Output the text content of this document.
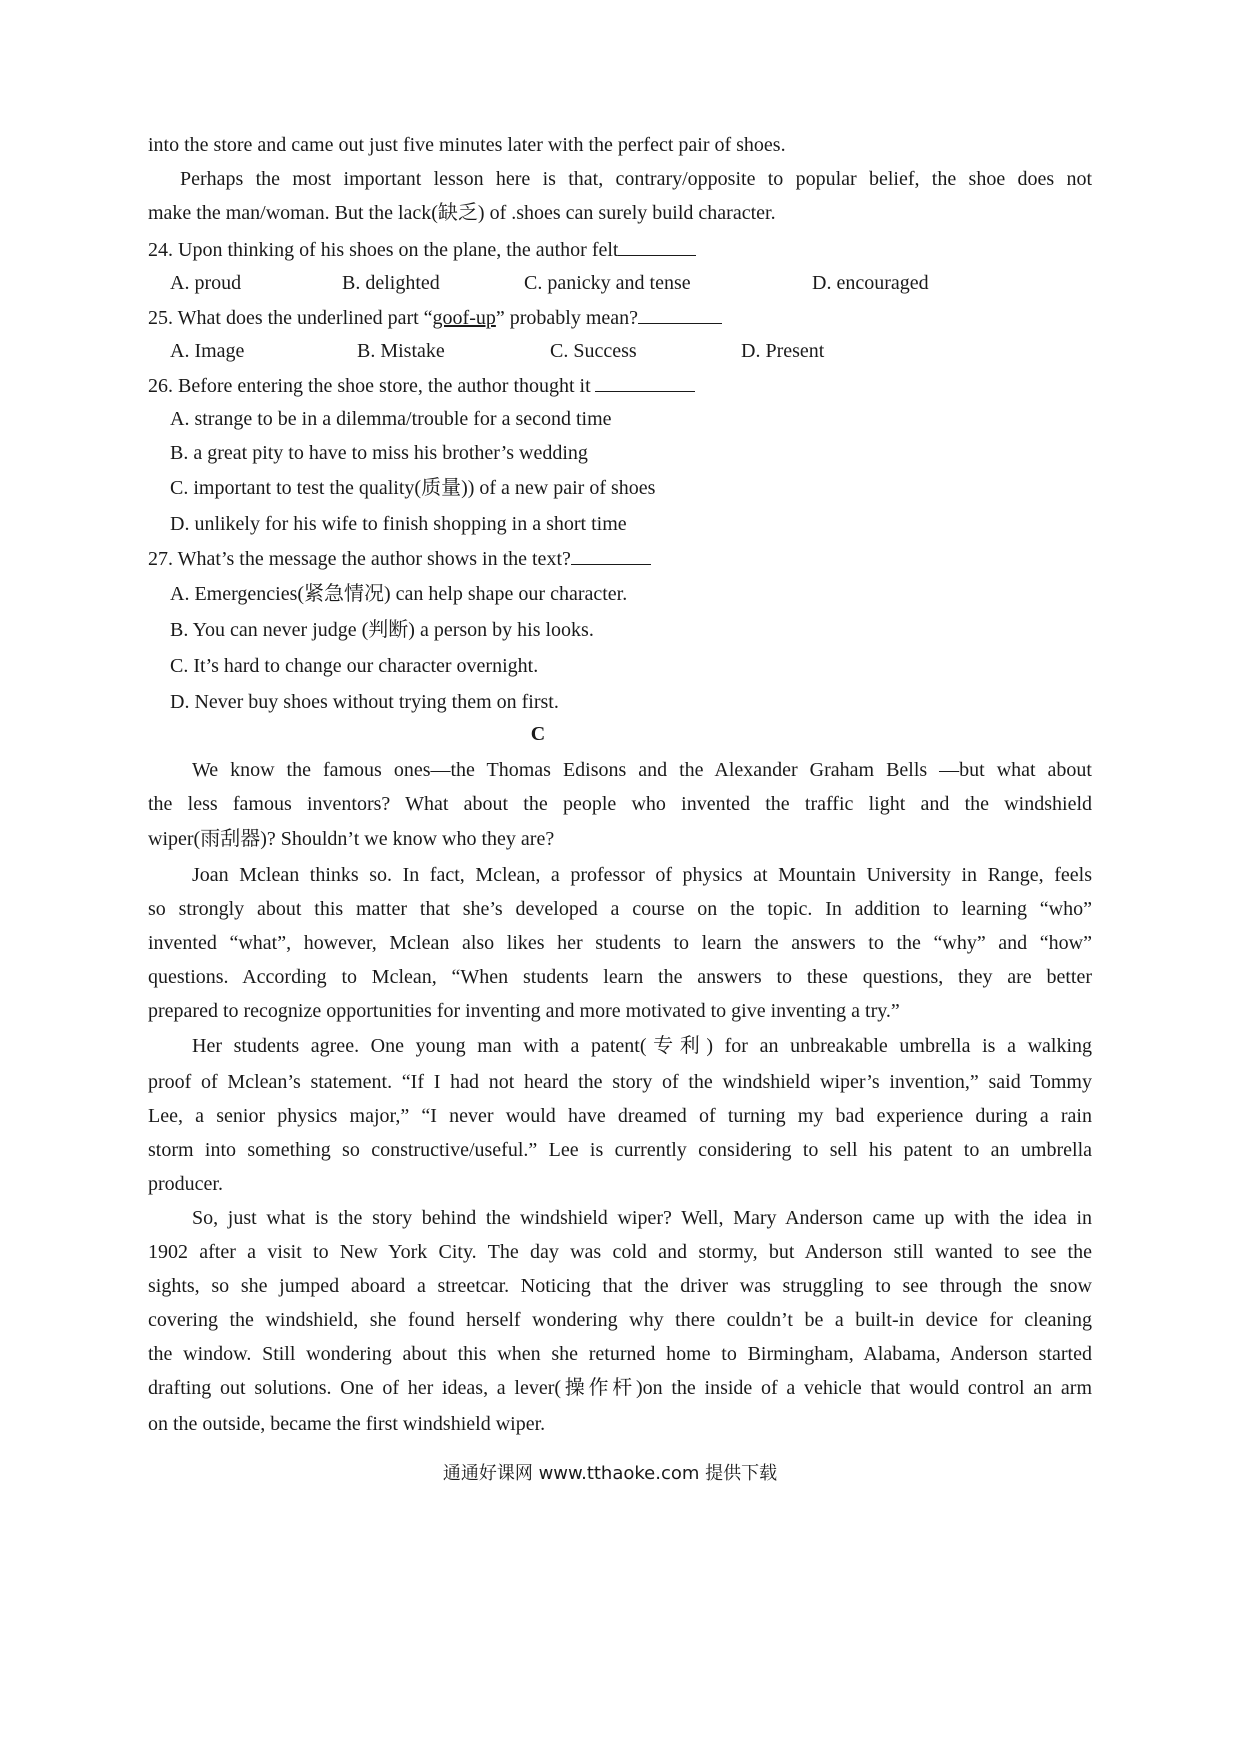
into the store and came out just five minutes later with the perfect pair of shoes.
Perhaps the most important lesson here is that, contrary/opposite to popular belief, the shoe does not
make the man/woman. But the lack(缺乏) of .shoes can surely build character.
24. Upon thinking of his shoes on the plane, the author felt
A. proud	B. delighted	C. panicky and tense	D. encouraged
25. What does the underlined part “goof-up” probably mean?
A. Image	B. Mistake	C. Success	D. Present
26. Before entering the shoe store, the author thought it
A. strange to be in a dilemma/trouble for a second time
B. a great pity to have to miss his brother’s wedding
C. important to test the quality(质量)) of a new pair of shoes
D. unlikely for his wife to finish shopping in a short time
27. What’s the message the author shows in the text?
A. Emergencies(紧急情况) can help shape our character.
B. You can never judge (判断) a person by his looks.
C. It’s hard to change our character overnight.
D. Never buy shoes without trying them on first.
C
We know the famous ones—the Thomas Edisons and the Alexander Graham Bells —but what about
the less famous inventors? What about the people who invented the traffic light and the windshield
wiper(雨刮器)? Shouldn’t we know who they are?
Joan Mclean thinks so. In fact, Mclean, a professor of physics at Mountain University in Range, feels
so strongly about this matter that she’s developed a course on the topic. In addition to learning “who”
invented “what”, however, Mclean also likes her students to learn the answers to the “why” and “how”
questions. According to Mclean, “When students learn the answers to these questions, they are better
prepared to recognize opportunities for inventing and more motivated to give inventing a try.”
Her students agree. One young man with a patent(专利) for an unbreakable umbrella is a walking
proof of Mclean’s statement. “If I had not heard the story of the windshield wiper’s invention,” said Tommy
Lee, a senior physics major,” “I never would have dreamed of turning my bad experience during a rain
storm into something so constructive/useful.” Lee is currently considering to sell his patent to an umbrella
producer.
So, just what is the story behind the windshield wiper? Well, Mary Anderson came up with the idea in
1902 after a visit to New York City. The day was cold and stormy, but Anderson still wanted to see the
sights, so she jumped aboard a streetcar. Noticing that the driver was struggling to see through the snow
covering the windshield, she found herself wondering why there couldn’t be a built-in device for cleaning
the window. Still wondering about this when she returned home to Birmingham, Alabama, Anderson started
drafting out solutions. One of her ideas, a lever(操作杆)on the inside of a vehicle that would control an arm
on the outside, became the first windshield wiper.
通通好课网 www.tthaoke.com 提供下载
